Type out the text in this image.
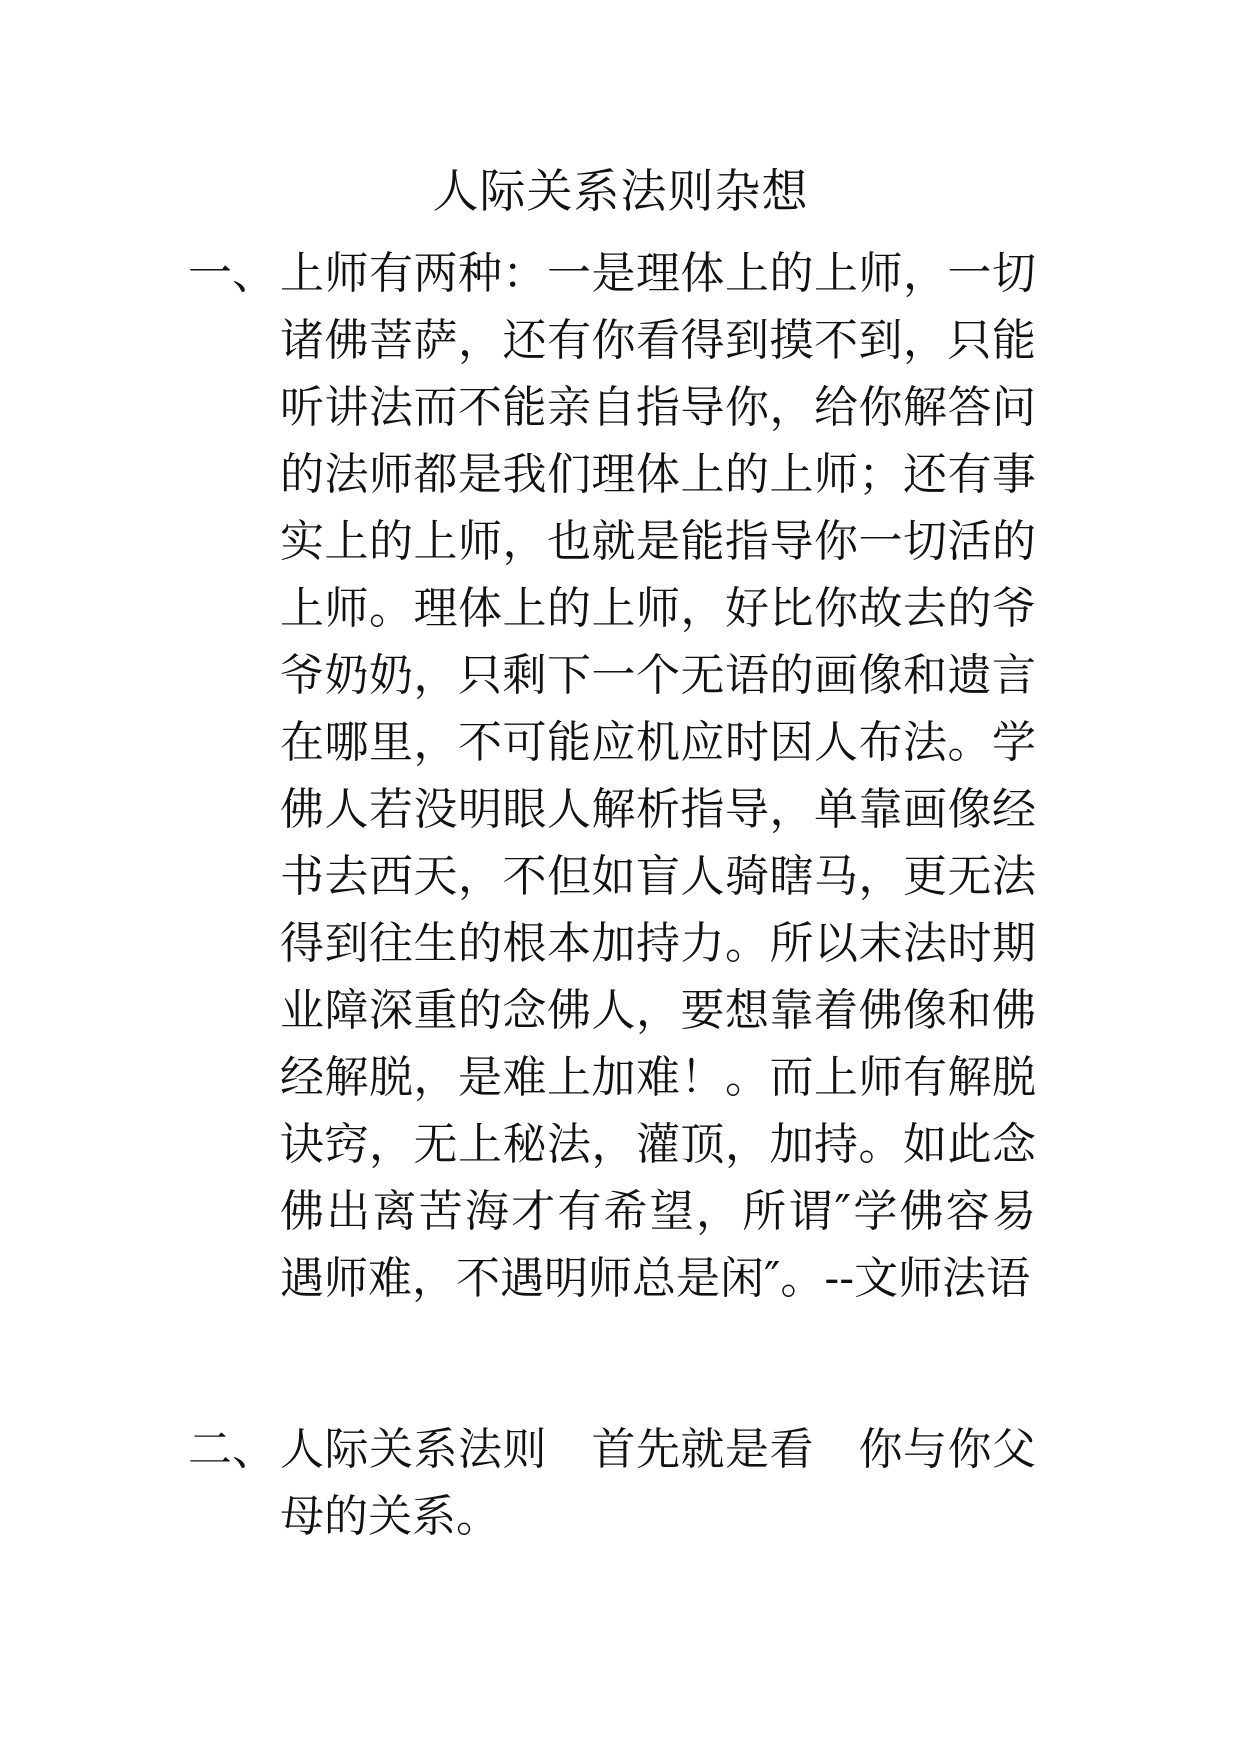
人际关系法则杂想
一、 上师有两种：一是理体上的上师，一切诸佛菩萨，还有你看得到摸不到，只能听讲法而不能亲自指导你，给你解答问的法师都是我们理体上的上师；还有事实上的上师，也就是能指导你一切活的上师。理体上的上师，好比你故去的爷爷奶奶，只剩下一个无语的画像和遗言在哪里，不可能应机应时因人布法。学佛人若没明眼人解析指导，单靠画像经书去西天，不但如盲人骑瞎马，更无法得到往生的根本加持力。所以末法时期业障深重的念佛人，要想靠着佛像和佛经解脱，是难上加难！。而上师有解脱诀窍，无上秘法，灌顶，加持。如此念佛出离苦海才有希望，所谓″学佛容易遇师难，不遇明师总是闲″。--文师法语

二、 人际关系法则　首先就是看　你与你父母的关系。
